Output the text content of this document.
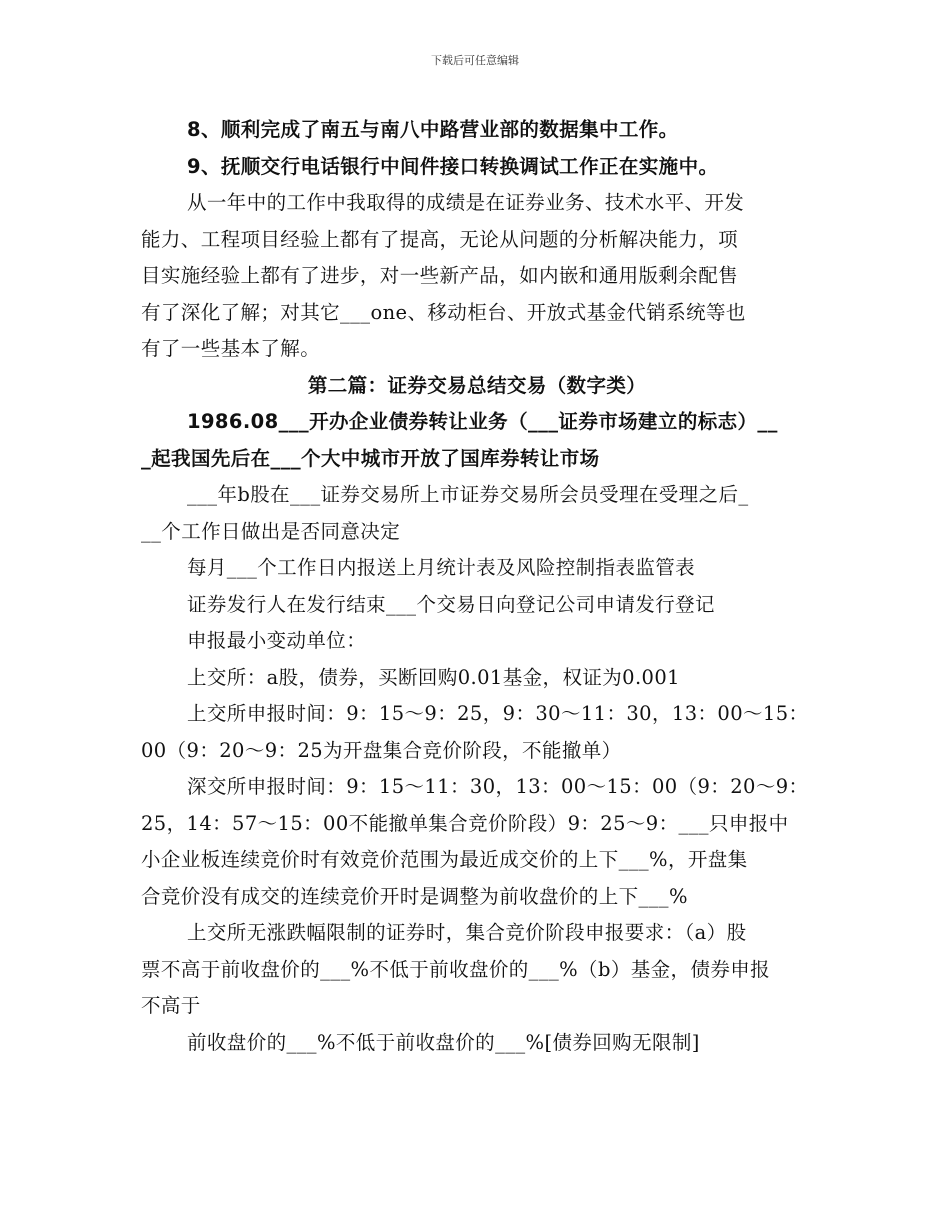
下载后可任意编辑
8、顺利完成了南五与南八中路营业部的数据集中工作。
9、抚顺交行电话银行中间件接口转换调试工作正在实施中。
从一年中的工作中我取得的成绩是在证券业务、技术水平、开发
能力、工程项目经验上都有了提高，无论从问题的分析解决能力，项
目实施经验上都有了进步，对一些新产品，如内嵌和通用版剩余配售
有了深化了解；对其它___one、移动柜台、开放式基金代销系统等也
有了一些基本了解。
第二篇：证券交易总结交易（数字类）
1986.08___开办企业债券转让业务（___证券市场建立的标志）__
_起我国先后在___个大中城市开放了国库券转让市场
___年b股在___证券交易所上市证券交易所会员受理在受理之后_
__个工作日做出是否同意决定
每月___个工作日内报送上月统计表及风险控制指表监管表
证券发行人在发行结束___个交易日向登记公司申请发行登记
申报最小变动单位：
上交所：a股，债券，买断回购0.01基金，权证为0.001
上交所申报时间：9：15～9：25，9：30～11：30，13：00～15：
00（9：20～9：25为开盘集合竞价阶段，不能撤单）
深交所申报时间：9：15～11：30，13：00～15：00（9：20～9：
25，14：57～15：00不能撤单集合竞价阶段）9：25～9：___只申报中
小企业板连续竞价时有效竞价范围为最近成交价的上下___%，开盘集
合竞价没有成交的连续竞价开时是调整为前收盘价的上下___%
上交所无涨跌幅限制的证券时，集合竞价阶段申报要求：（a）股
票不高于前收盘价的___%不低于前收盘价的___%（b）基金，债券申报
不高于
前收盘价的___%不低于前收盘价的___%[债券回购无限制]
